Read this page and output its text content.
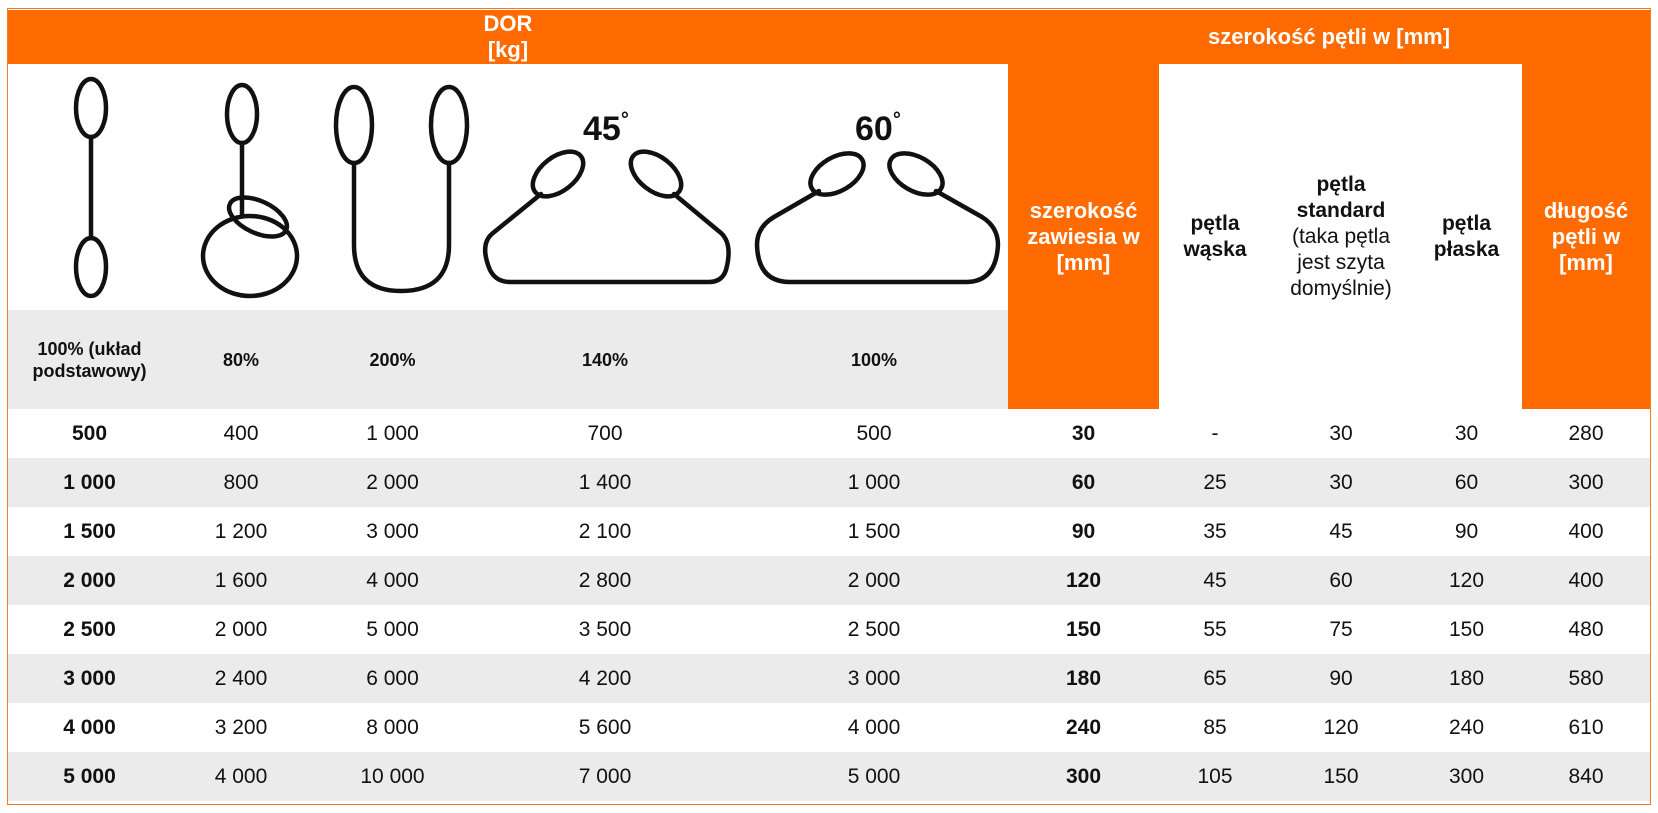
DOR
[kg]
szerokość pętli w [mm]
45°	60°
100% (układ podstawowy)
80%	200%	140%	100%
szerokość zawiesia w [mm]
długość pętli w [mm]
pętla wąska
pętla standard
(taka pętla jest szyta domyślnie)
pętla płaska
500	400	1 000	700	500	30	-	30	30	280
1 000	800	2 000	1 400	1 000	60	25	30	60	300
1 500	1 200	3 000	2 100	1 500	90	35	45	90	400
2 000	1 600	4 000	2 800	2 000	120	45	60	120	400
2 500	2 000	5 000	3 500	2 500	150	55	75	150	480
3 000	2 400	6 000	4 200	3 000	180	65	90	180	580
4 000	3 200	8 000	5 600	4 000	240	85	120	240	610
5 000	4 000	10 000	7 000	5 000	300	105	150	300	840
